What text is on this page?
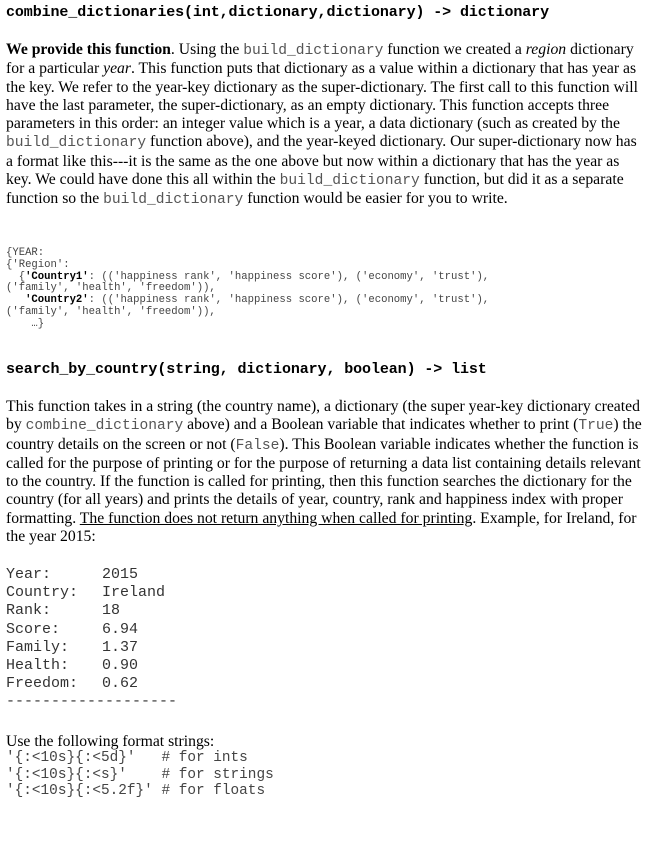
combine_dictionaries(int,dictionary,dictionary) -> dictionary
We provide this function. Using the build_dictionary function we created a region dictionary for a particular year. This function puts that dictionary as a value within a dictionary that has year as the key. We refer to the year-key dictionary as the super-dictionary. The first call to this function will have the last parameter, the super-dictionary, as an empty dictionary. This function accepts three parameters in this order: an integer value which is a year, a data dictionary (such as created by the build_dictionary function above), and the year-keyed dictionary. Our super-dictionary now has a format like this---it is the same as the one above but now within a dictionary that has the year as key. We could have done this all within the build_dictionary function, but did it as a separate function so the build_dictionary function would be easier for you to write.
{YEAR:
{'Region':
{'Country1': (('happiness rank', 'happiness score'), ('economy', 'trust'),
('family', 'health', 'freedom')),
'Country2': (('happiness rank', 'happiness score'), ('economy', 'trust'),
('family', 'health', 'freedom')),
…}
search_by_country(string, dictionary, boolean) -> list
This function takes in a string (the country name), a dictionary (the super year-key dictionary created by combine_dictionary above) and a Boolean variable that indicates whether to print (True) the country details on the screen or not (False). This Boolean variable indicates whether the function is called for the purpose of printing or for the purpose of returning a data list containing details relevant to the country. If the function is called for printing, then this function searches the dictionary for the country (for all years) and prints the details of year, country, rank and happiness index with proper formatting. The function does not return anything when called for printing. Example, for Ireland, for the year 2015:
Year:	2015
Country:	Ireland
Rank:	18
Score:	6.94
Family:	1.37
Health:	0.90
Freedom:	0.62
-------------------
Use the following format strings:
'{:<10s}{:<5d}'   # for ints
'{:<10s}{:<s}'    # for strings
'{:<10s}{:<5.2f}' # for floats
